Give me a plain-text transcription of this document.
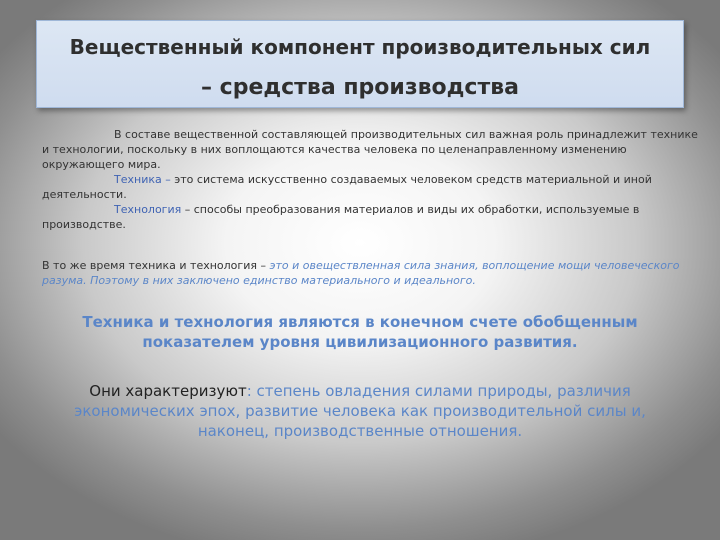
Вещественный компонент производительных сил
– средства производства
В составе вещественной составляющей производительных сил важная роль принадлежит технике и технологии, поскольку в них воплощаются качества человека по целенаправленному изменению окружающего мира.
Техника – это система искусственно создаваемых человеком средств материальной и иной деятельности.
Технология – способы преобразования материалов и виды их обработки, используемые в производстве.
В то же время техника и технология – это и овеществленная сила знания, воплощение мощи человеческого разума. Поэтому в них заключено единство материального и идеального.
Техника и технология являются в конечном счете обобщенным показателем уровня цивилизационного развития.
Они характеризуют: степень овладения силами природы, различия экономических эпох, развитие человека как производительной силы и, наконец, производственные отношения.
